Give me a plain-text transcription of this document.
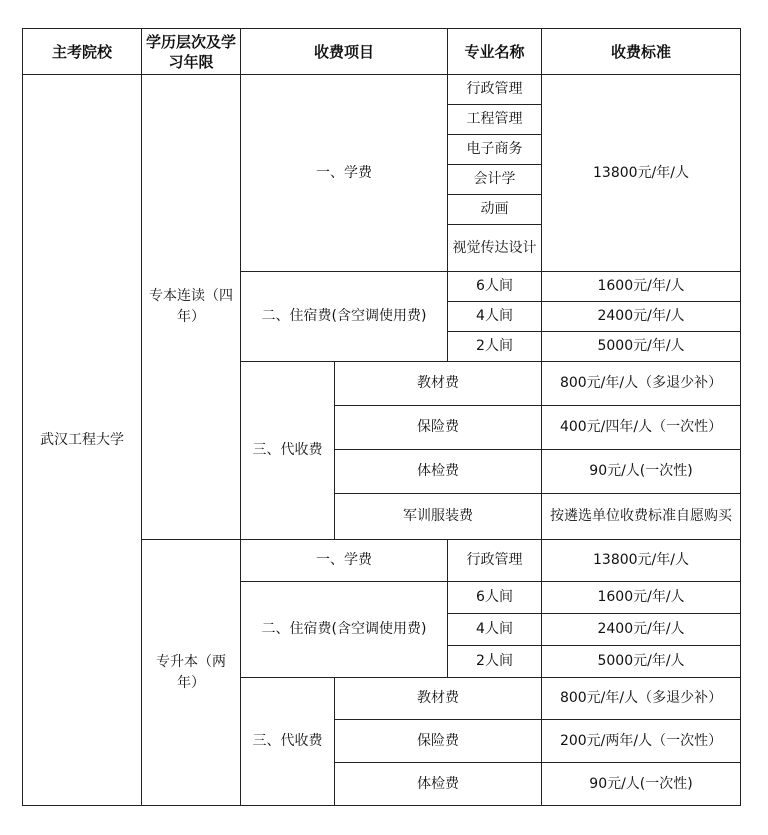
主考院校	学历层次及学习年限	收费项目		专业名称	收费标准
武汉工程大学	专本连读（四年）	一、学费		行政管理	13800元/年/人
				工程管理	
				电子商务	
				会计学	
				动画	
				视觉传达设计	
		二、住宿费(含空调使用费)		6人间	1600元/年/人
				4人间	2400元/年/人
				2人间	5000元/年/人
		三、代收费	教材费		800元/年/人（多退少补）
			保险费		400元/四年/人（一次性）
			体检费		90元/人(一次性)
			军训服装费		按遴选单位收费标准自愿购买
	专升本（两年）	一、学费		行政管理	13800元/年/人
		二、住宿费(含空调使用费)		6人间	1600元/年/人
				4人间	2400元/年/人
				2人间	5000元/年/人
		三、代收费	教材费		800元/年/人（多退少补）
			保险费		200元/两年/人（一次性）
			体检费		90元/人(一次性)
